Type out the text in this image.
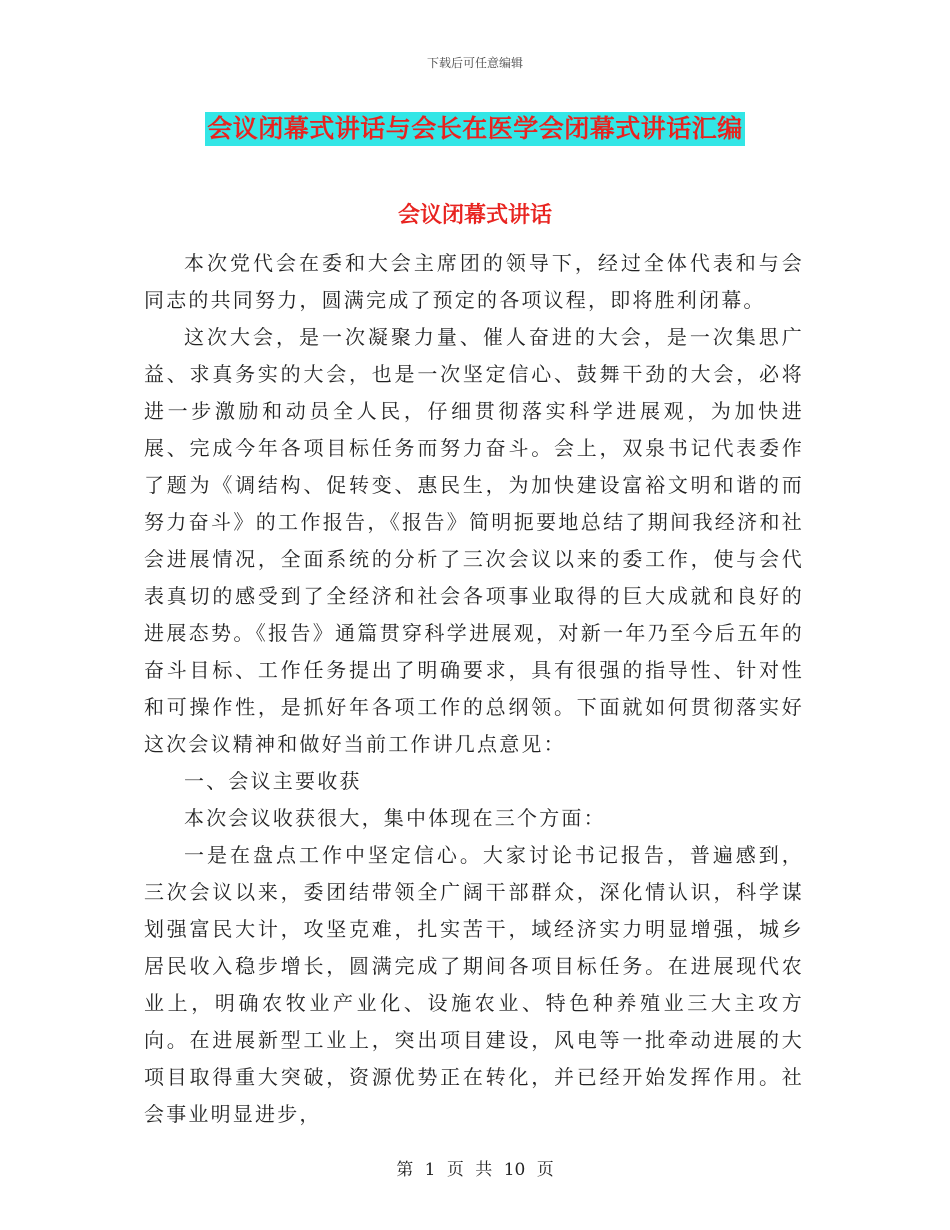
下载后可任意编辑
会议闭幕式讲话与会长在医学会闭幕式讲话汇编
会议闭幕式讲话

本次党代会在委和大会主席团的领导下，经过全体代表和与会同志的共同努力，圆满完成了预定的各项议程，即将胜利闭幕。

这次大会，是一次凝聚力量、催人奋进的大会，是一次集思广益、求真务实的大会，也是一次坚定信心、鼓舞干劲的大会，必将进一步激励和动员全人民，仔细贯彻落实科学进展观，为加快进展、完成今年各项目标任务而努力奋斗。会上，双泉书记代表委作了题为《调结构、促转变、惠民生，为加快建设富裕文明和谐的而努力奋斗》的工作报告，《报告》简明扼要地总结了期间我经济和社会进展情况，全面系统的分析了三次会议以来的委工作，使与会代表真切的感受到了全经济和社会各项事业取得的巨大成就和良好的进展态势。《报告》通篇贯穿科学进展观，对新一年乃至今后五年的奋斗目标、工作任务提出了明确要求，具有很强的指导性、针对性和可操作性，是抓好年各项工作的总纲领。下面就如何贯彻落实好这次会议精神和做好当前工作讲几点意见：

一、会议主要收获

本次会议收获很大，集中体现在三个方面：

一是在盘点工作中坚定信心。大家讨论书记报告，普遍感到，三次会议以来，委团结带领全广阔干部群众，深化情认识，科学谋划强富民大计，攻坚克难，扎实苦干，域经济实力明显增强，城乡居民收入稳步增长，圆满完成了期间各项目标任务。在进展现代农业上，明确农牧业产业化、设施农业、特色种养殖业三大主攻方向。在进展新型工业上，突出项目建设，风电等一批牵动进展的大项目取得重大突破，资源优势正在转化，并已经开始发挥作用。社会事业明显进步，

第 1 页 共 10 页
